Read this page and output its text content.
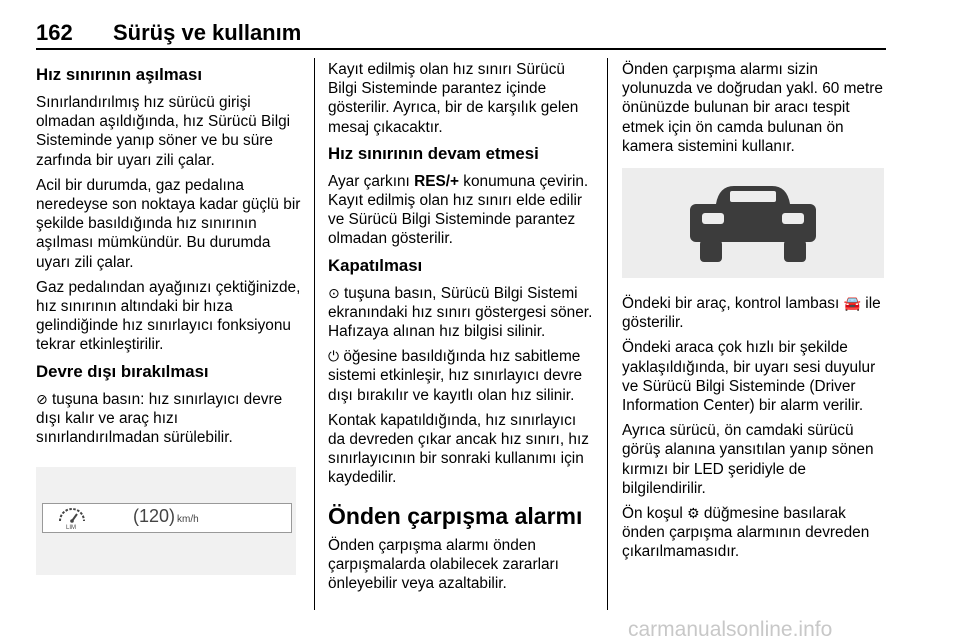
162 Sürüş ve kullanım
Hız sınırının aşılması

Sınırlandırılmış hız sürücü girişi olmadan aşıldığında, hız Sürücü Bilgi Sisteminde yanıp söner ve bu süre zarfında bir uyarı zili çalar.

Acil bir durumda, gaz pedalına neredeyse son noktaya kadar güçlü bir şekilde basıldığında hız sınırının aşılması mümkündür. Bu durumda uyarı zili çalar.

Gaz pedalından ayağınızı çektiğinizde, hız sınırının altındaki bir hıza gelindiğinde hız sınırlayıcı fonksiyonu tekrar etkinleştirilir.

Devre dışı bırakılması

⊘ tuşuna basın: hız sınırlayıcı devre dışı kalır ve araç hızı sınırlandırılmadan sürülebilir.

LIM
(120) km/h

Kayıt edilmiş olan hız sınırı Sürücü Bilgi Sisteminde parantez içinde gösterilir. Ayrıca, bir de karşılık gelen mesaj çıkacaktır.

Hız sınırının devam etmesi

Ayar çarkını RES/+ konumuna çevirin. Kayıt edilmiş olan hız sınırı elde edilir ve Sürücü Bilgi Sisteminde parantez olmadan gösterilir.

Kapatılması

⊙ tuşuna basın, Sürücü Bilgi Sistemi ekranındaki hız sınırı göstergesi söner. Hafızaya alınan hız bilgisi silinir.

⏻ öğesine basıldığında hız sabitleme sistemi etkinleşir, hız sınırlayıcı devre dışı bırakılır ve kayıtlı olan hız silinir.

Kontak kapatıldığında, hız sınırlayıcı da devreden çıkar ancak hız sınırı, hız sınırlayıcının bir sonraki kullanımı için kaydedilir.

Önden çarpışma alarmı

Önden çarpışma alarmı önden çarpışmalarda olabilecek zararları önleyebilir veya azaltabilir.

Önden çarpışma alarmı sizin yolunuzda ve doğrudan yakl. 60 metre önünüzde bulunan bir aracı tespit etmek için ön camda bulunan ön kamera sistemini kullanır.

Öndeki bir araç, kontrol lambası 🚘 ile gösterilir.

Öndeki araca çok hızlı bir şekilde yaklaşıldığında, bir uyarı sesi duyulur ve Sürücü Bilgi Sisteminde (Driver Information Center) bir alarm verilir.

Ayrıca sürücü, ön camdaki sürücü görüş alanına yansıtılan yanıp sönen kırmızı bir LED şeridiyle de bilgilendirilir.

Ön koşul ⚙ düğmesine basılarak önden çarpışma alarmının devreden çıkarılmamasıdır.

carmanualsonline.info
